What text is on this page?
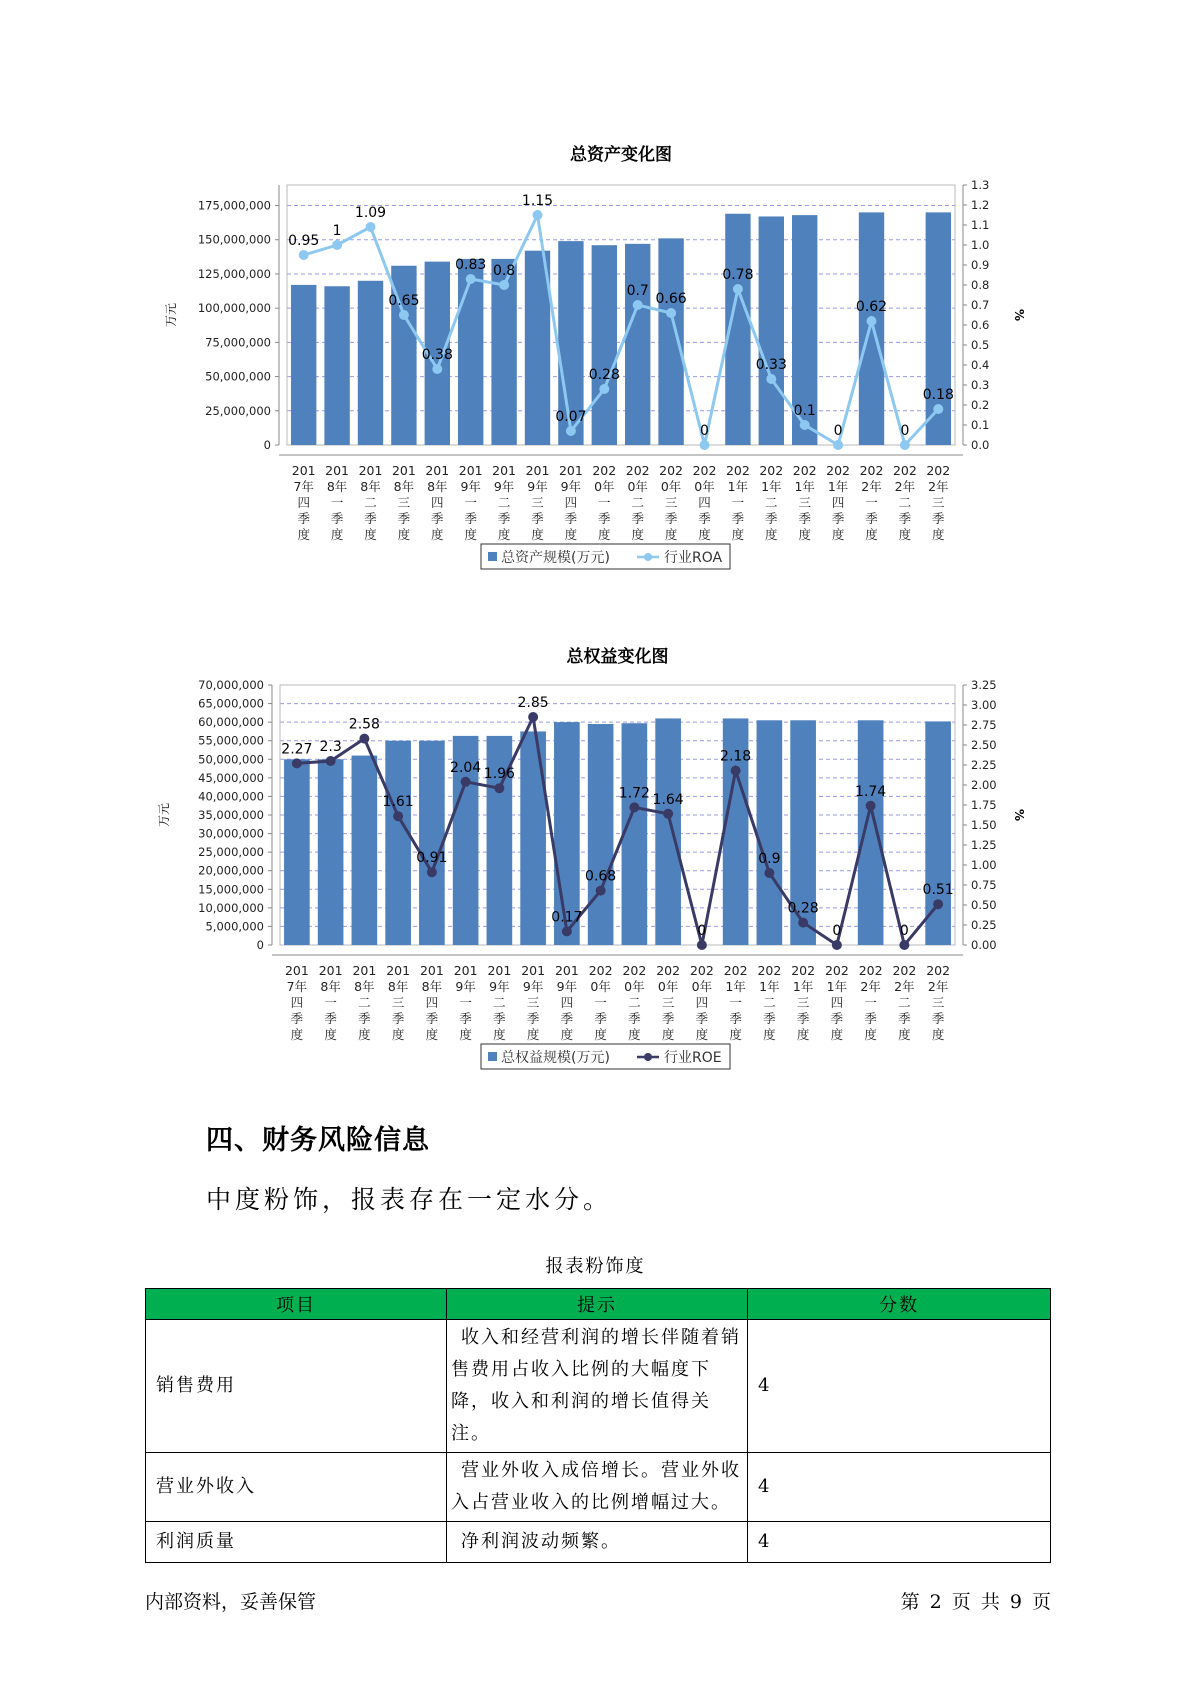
总资产变化图
0
25,000,000
50,000,000
75,000,000
100,000,000
125,000,000
150,000,000
175,000,000
万元
0.0
0.1
0.2
0.3
0.4
0.5
0.6
0.7
0.8
0.9
1.0
1.1
1.2
1.3
%
0.95
1
1.09
0.65
0.38
0.83 0.8
1.15
0.07
0.28
0.7 0.66
0
0.78
0.33
0.1
0
0.62
0
0.18
201 7年四季度
201 8年一季度
201 8年二季度
201 8年三季度
201 8年四季度
201 9年一季度
201 9年二季度
201 9年三季度
201 9年四季度
202 0年一季度
202 0年二季度
202 0年三季度
202 0年四季度
202 1年一季度
202 1年二季度
202 1年三季度
202 1年四季度
202 2年一季度
202 2年二季度
202 2年三季度
总资产规模(万元)	行业ROA
总权益变化图
0
5,000,000
10,000,000
15,000,000
20,000,000
25,000,000
30,000,000
35,000,000
40,000,000
45,000,000
50,000,000
55,000,000
60,000,000
65,000,000
70,000,000
万元
0.00
0.25
0.50
0.75
1.00
1.25
1.50
1.75
2.00
2.25
2.50
2.75
3.00
3.25
%
2.27 2.3
2.58
1.61
0.91
2.04 1.96
2.85
0.17
0.68
1.72 1.64
0
2.18
0.9
0.28
0
1.74
0
0.51
201 7年四季度
201 8年一季度
201 8年二季度
201 8年三季度
201 8年四季度
201 9年一季度
201 9年二季度
201 9年三季度
201 9年四季度
202 0年一季度
202 0年二季度
202 0年三季度
202 0年四季度
202 1年一季度
202 1年二季度
202 1年三季度
202 1年四季度
202 2年一季度
202 2年二季度
202 2年三季度
总权益规模(万元)	行业ROE
四、财务风险信息

中度粉饰，报表存在一定水分。

报表粉饰度
项目	提示	分数
销售费用	收入和经营利润的增长伴随着销售费用占收入比例的大幅度下降，收入和利润的增长值得关注。	4
营业外收入	营业外收入成倍增长。营业外收入占营业收入的比例增幅过大。	4
利润质量	净利润波动频繁。	4
内部资料，妥善保管	第 2 页 共 9 页
